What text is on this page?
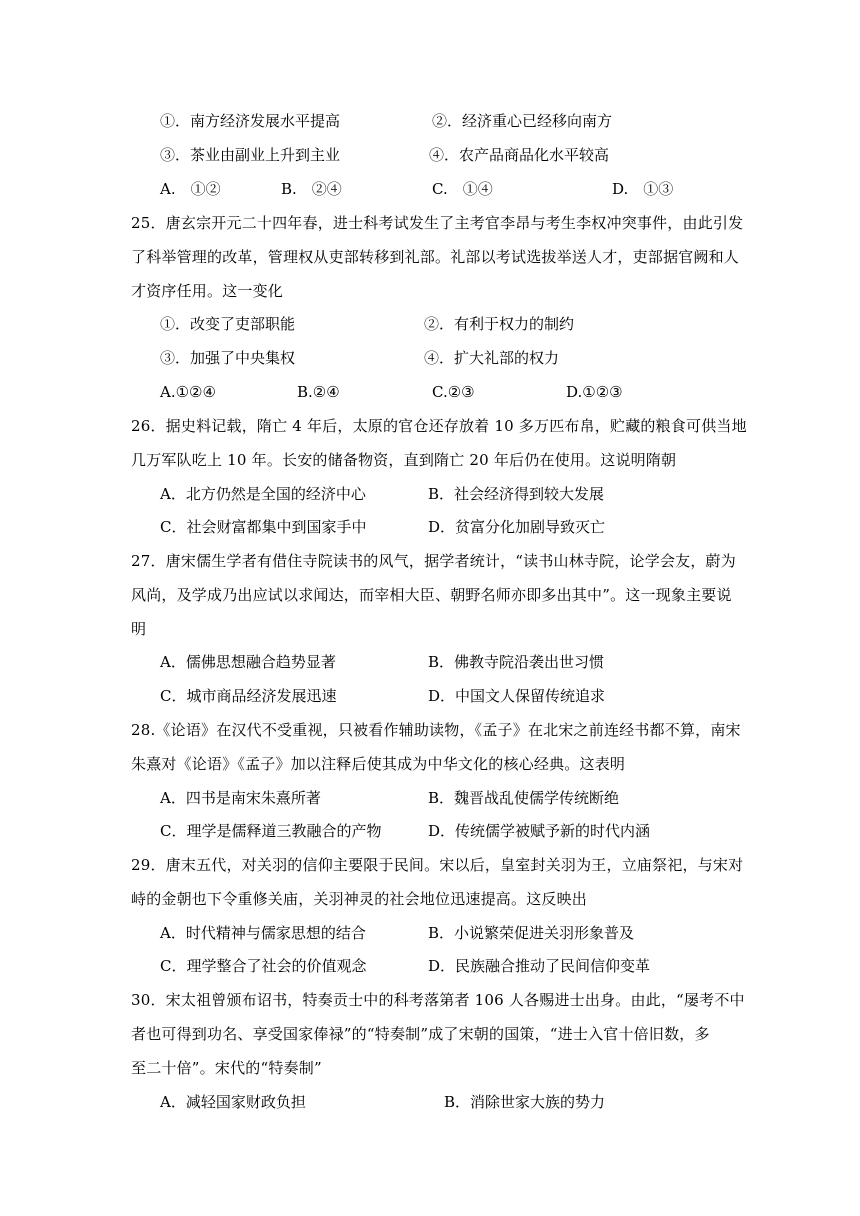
①．南方经济发展水平提高	②．经济重心已经移向南方
③．茶业由副业上升到主业	④．农产品商品化水平较高
A.　①②	B.　②④	C.　①④	D.　①③
25．唐玄宗开元二十四年春，进士科考试发生了主考官李昂与考生李权冲突事件，由此引发
了科举管理的改革，管理权从吏部转移到礼部。礼部以考试选拔举送人才，吏部据官阙和人
才资序任用。这一变化
①．改变了吏部职能	②．有利于权力的制约
③．加强了中央集权	④．扩大礼部的权力
A.①②④	B.②④	C.②③	D.①②③
26．据史料记载，隋亡 4 年后，太原的官仓还存放着 10 多万匹布帛，贮藏的粮食可供当地
几万军队吃上 10 年。长安的储备物资，直到隋亡 20 年后仍在使用。这说明隋朝
A．北方仍然是全国的经济中心	B．社会经济得到较大发展
C．社会财富都集中到国家手中	D．贫富分化加剧导致灭亡
27．唐宋儒生学者有借住寺院读书的风气，据学者统计，“读书山林寺院，论学会友，蔚为
风尚，及学成乃出应试以求闻达，而宰相大臣、朝野名师亦即多出其中”。这一现象主要说
明
A．儒佛思想融合趋势显著	B．佛教寺院沿袭出世习惯
C．城市商品经济发展迅速	D．中国文人保留传统追求
28.《论语》在汉代不受重视，只被看作辅助读物，《孟子》在北宋之前连经书都不算，南宋
朱熹对《论语》《孟子》加以注释后使其成为中华文化的核心经典。这表明
A．四书是南宋朱熹所著	B．魏晋战乱使儒学传统断绝
C．理学是儒释道三教融合的产物	D．传统儒学被赋予新的时代内涵
29．唐末五代，对关羽的信仰主要限于民间。宋以后，皇室封关羽为王，立庙祭祀，与宋对
峙的金朝也下令重修关庙，关羽神灵的社会地位迅速提高。这反映出
A．时代精神与儒家思想的结合	B．小说繁荣促进关羽形象普及
C．理学整合了社会的价值观念	D．民族融合推动了民间信仰变革
30．宋太祖曾颁布诏书，特奏贡士中的科考落第者 106 人各赐进士出身。由此，“屡考不中
者也可得到功名、享受国家俸禄”的“特奏制”成了宋朝的国策，“进士入官十倍旧数，多
至二十倍”。宋代的“特奏制”
A．减轻国家财政负担	B．消除世家大族的势力
